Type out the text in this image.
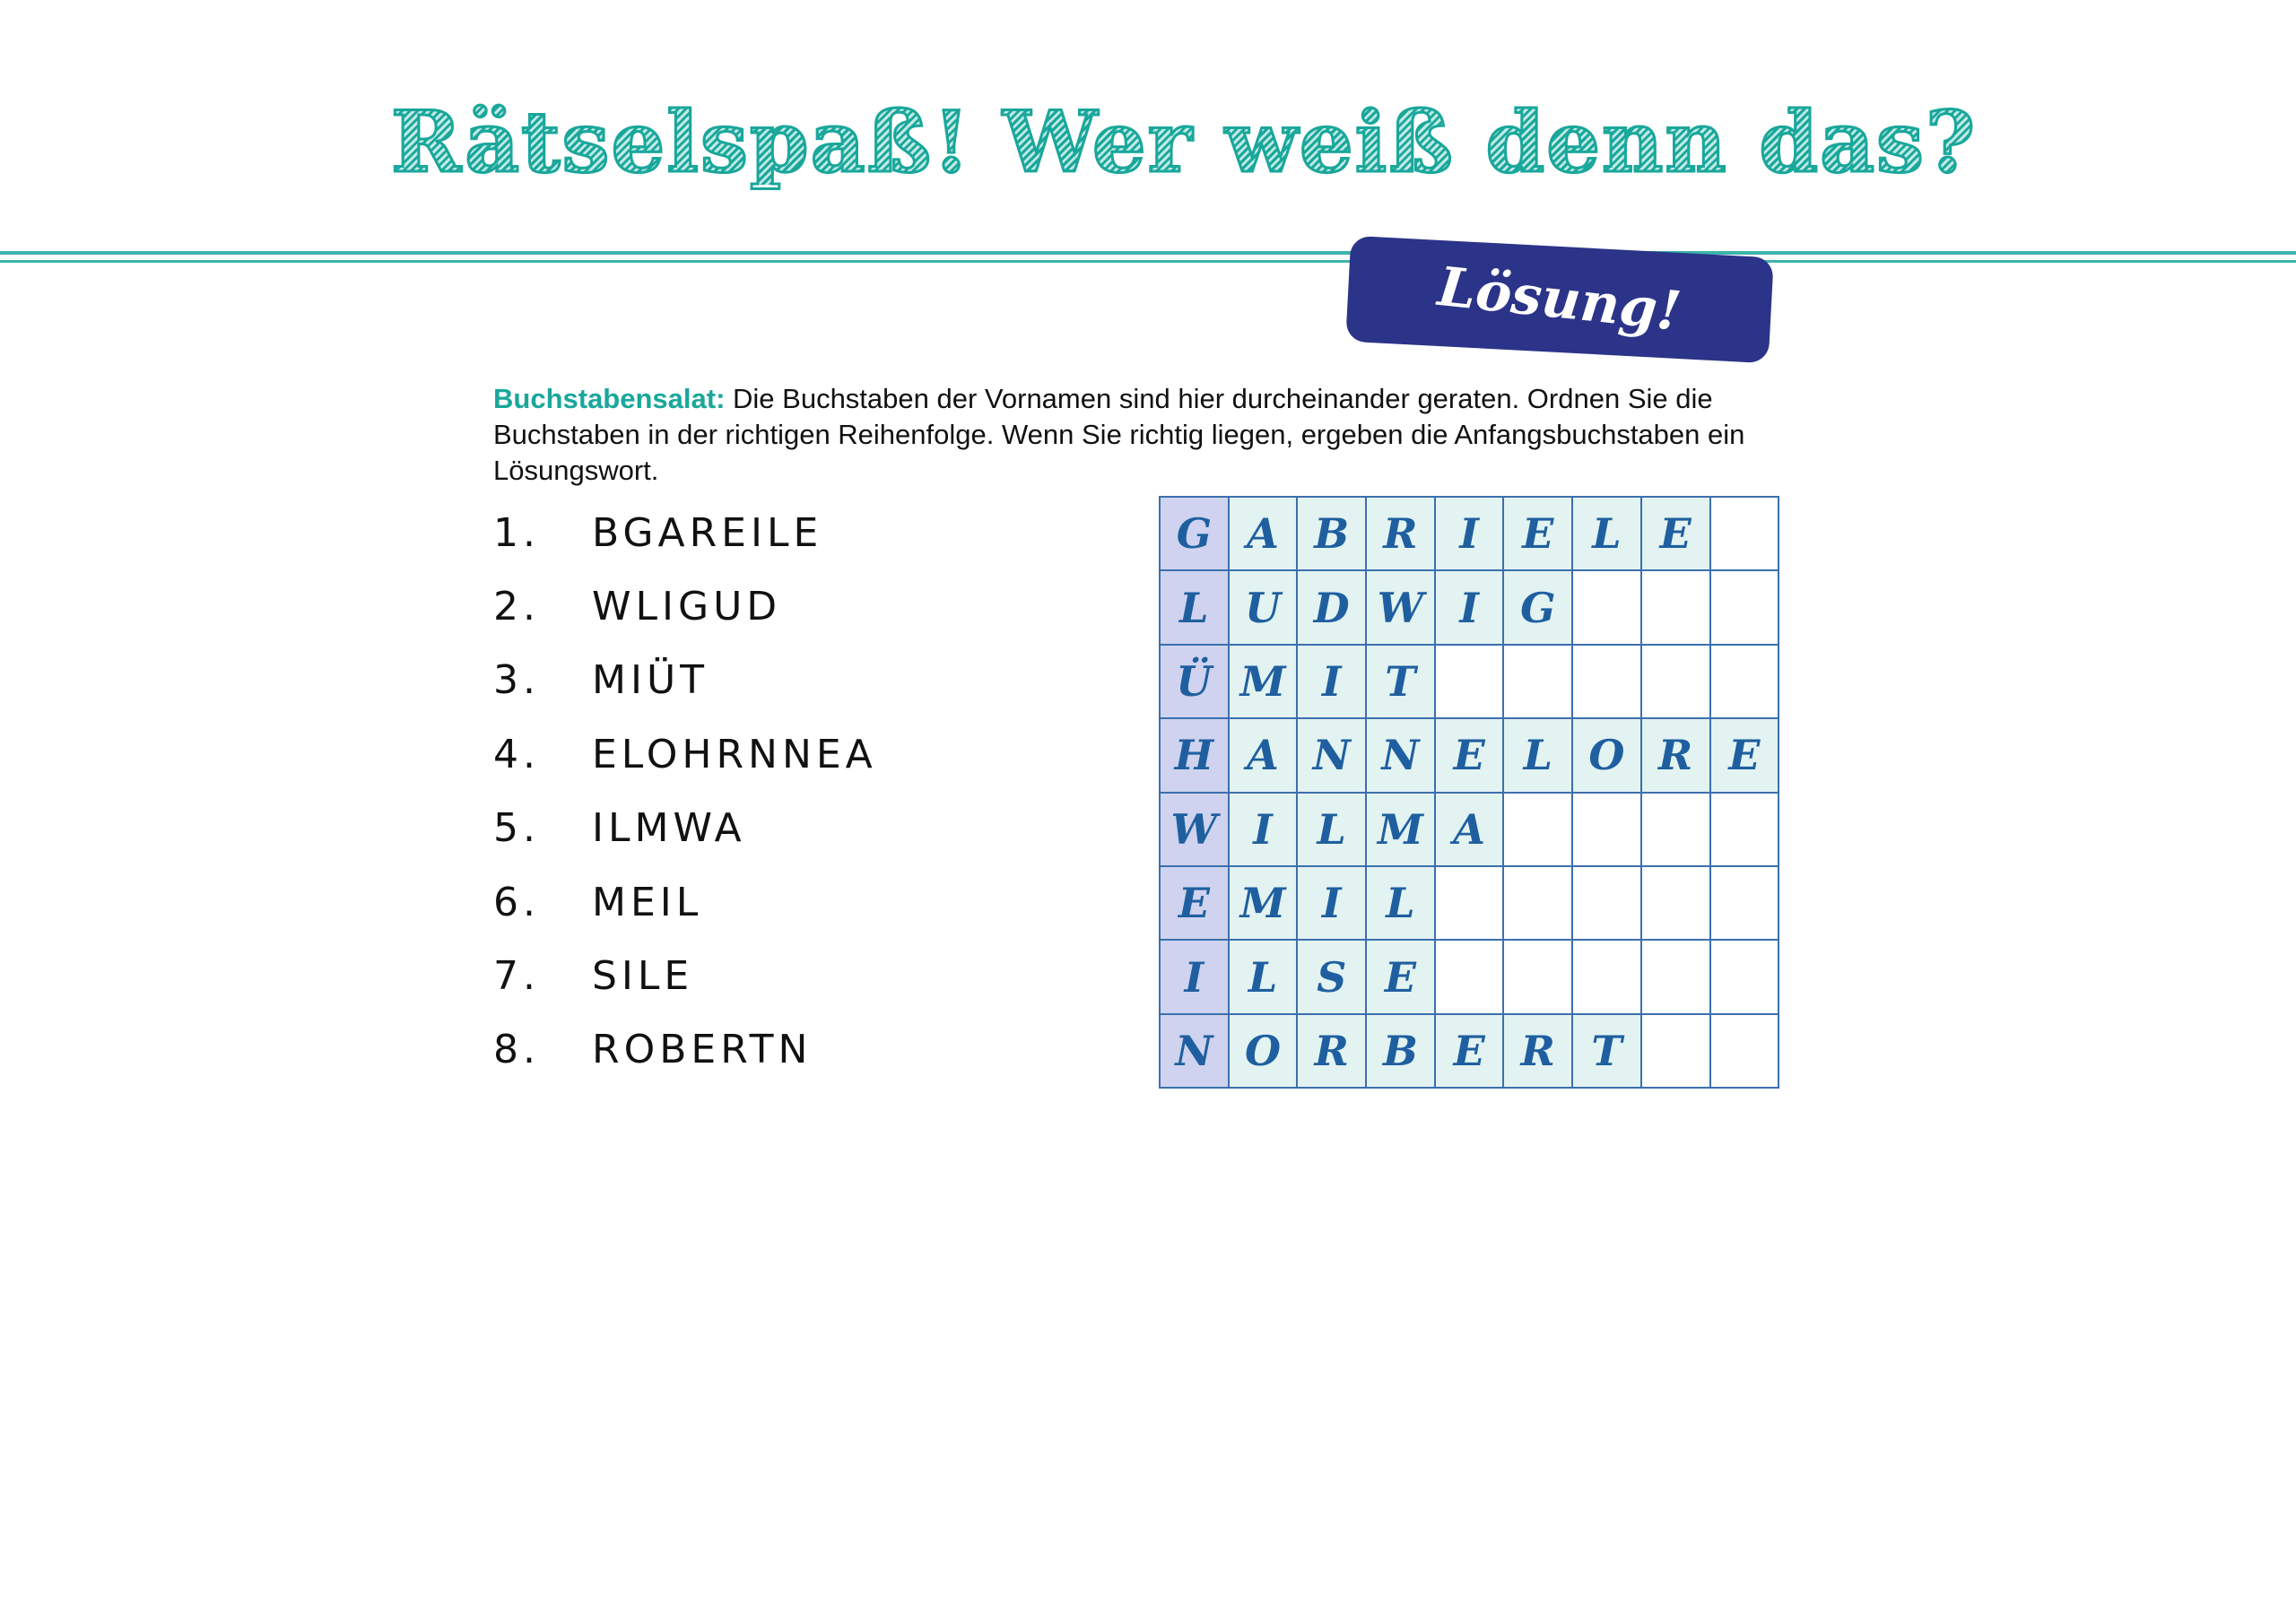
Rätselspaß! Wer weiß denn das?
Lösung!
Buchstabensalat: Die Buchstaben der Vornamen sind hier durcheinander geraten. Ordnen Sie die Buchstaben in der richtigen Reihenfolge. Wenn Sie richtig liegen, ergeben die Anfangsbuchstaben ein Lösungswort.
1.	BGAREILE
2.	WLIGUD
3.	MIÜT
4.	ELOHRNNEA
5.	ILMWA
6.	MEIL
7.	SILE
8.	ROBERTN
G	A	B	R	I	E	L	E	
L	U	D	W	I	G			
Ü	M	I	T					
H	A	N	N	E	L	O	R	E
W	I	L	M	A				
E	M	I	L					
I	L	S	E					
N	O	R	B	E	R	T		
